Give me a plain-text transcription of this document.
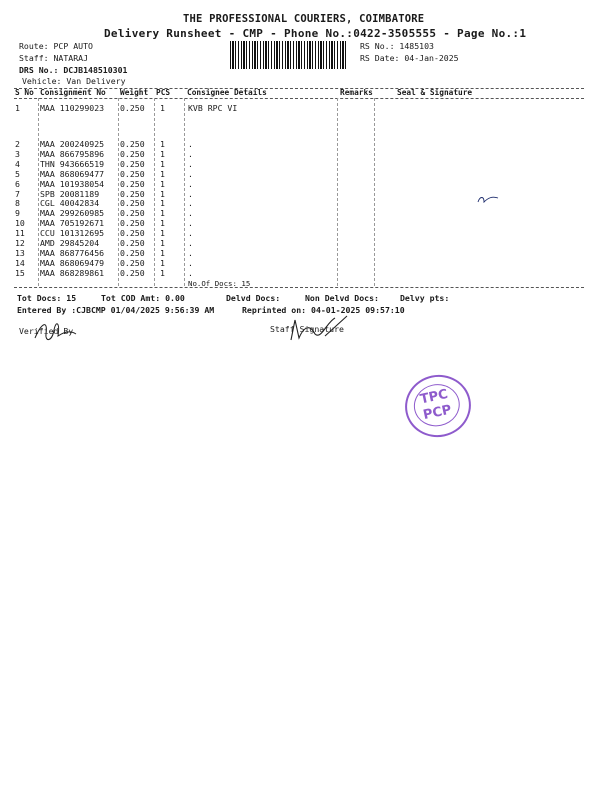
THE PROFESSIONAL COURIERS, COIMBATORE
Delivery Runsheet - CMP - Phone No.:0422-3505555 - Page No.:1
Route: PCP AUTO
Staff: NATARAJ
DRS No.: DCJB148510301
Vehicle: Van Delivery
RS No.: 1485103
RS Date: 04-Jan-2025
S No Consignment No Weight PCS Consignee Details	Remarks	Seal & Signature
1 MAA 110299023 0.250 1	KVB RPC VI
2 MAA 200240925 0.250 1	.
3 MAA 866795896 0.250 1	.
4 THN 943666519 0.250 1	.
5 MAA 868069477 0.250 1	.
6 MAA 101938054 0.250 1	.
7 SPB 20081189	0.250 1	.
8 CGL 40042834	0.250 1	.
9 MAA 299260985 0.250 1	.
10 MAA 705192671 0.250 1	.
11 CCU 101312695 0.250 1	.
12 AMD 29845204	0.250 1	.
13 MAA 868776456 0.250 1	.
14 MAA 868069479 0.250 1	.
15 MAA 868289861 0.250 1	.
No.Of Docs: 15
Tot Docs: 15	Tot COD Amt: 0.00	Delvd Docs:	Non Delvd Docs:	Delvy pts:
Entered By :CJBCMP 01/04/2025 9:56:39 AM	Reprinted on: 04-01-2025 09:57:10
Verified By	Staff Signature
TPC
PCP
